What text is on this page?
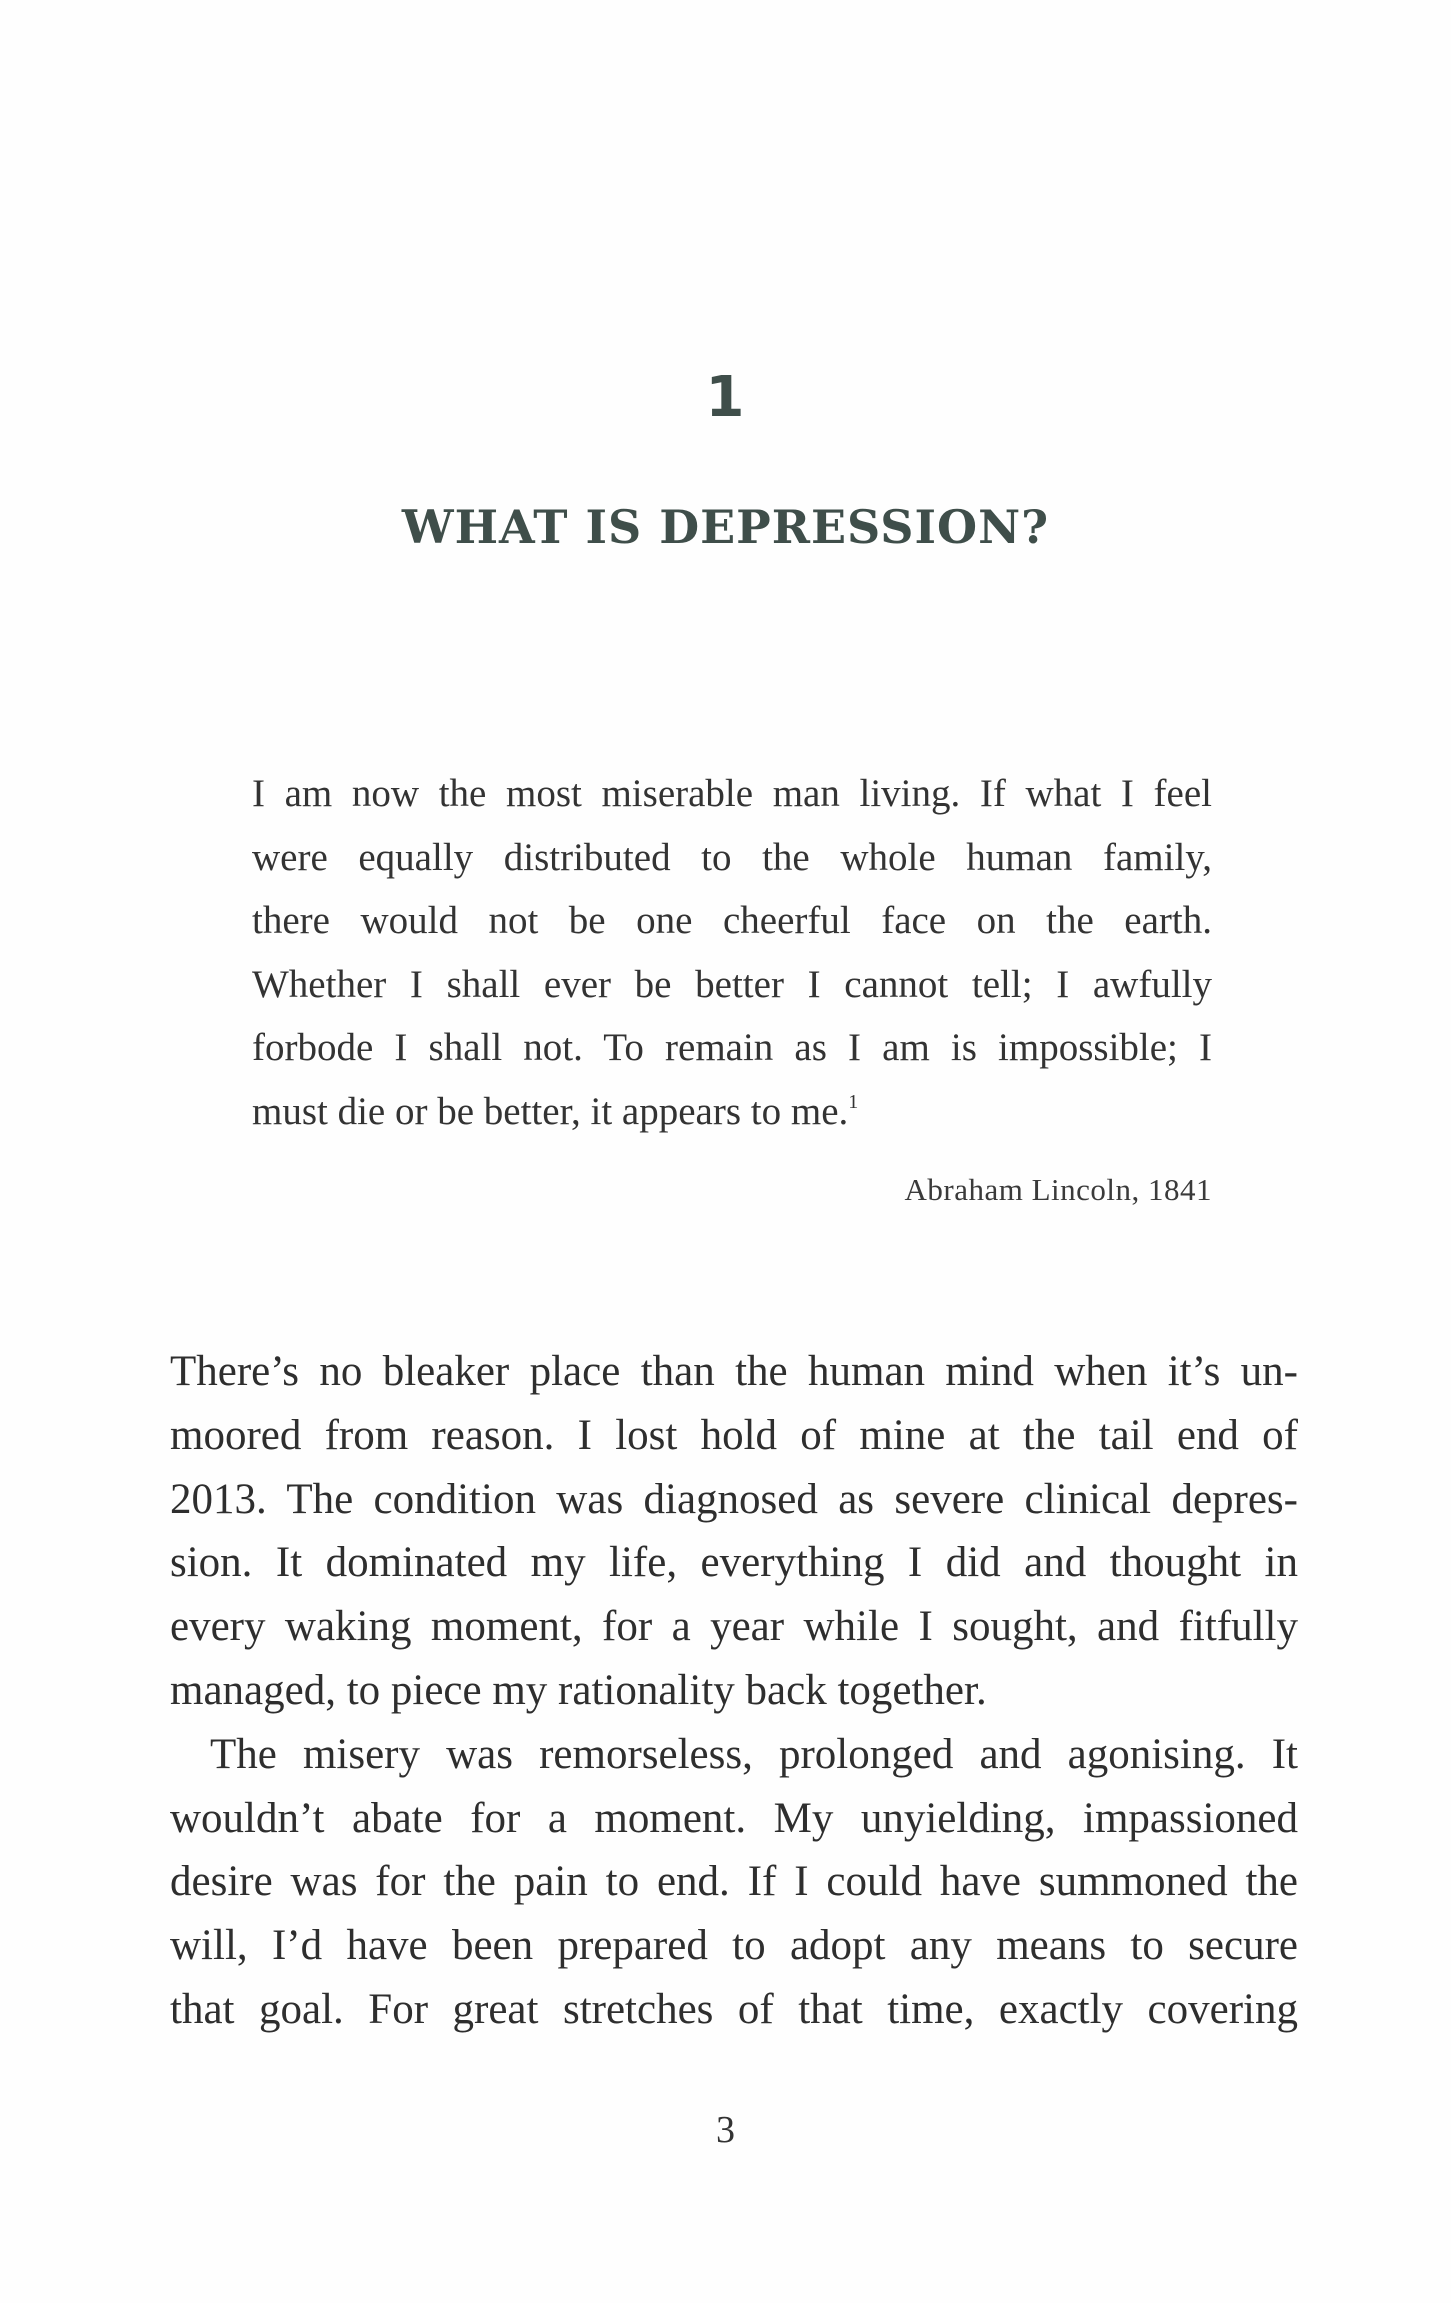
1
WHAT IS DEPRESSION?
I am now the most miserable man living. If what I feel
were equally distributed to the whole human family,
there would not be one cheerful face on the earth.
Whether I shall ever be better I cannot tell; I awfully
forbode I shall not. To remain as I am is impossible; I
must die or be better, it appears to me.$^1$
Abraham Lincoln, 1841
There’s no bleaker place than the human mind when it’s un-
moored from reason. I lost hold of mine at the tail end of
2013. The condition was diagnosed as severe clinical depres-
sion. It dominated my life, everything I did and thought in
every waking moment, for a year while I sought, and fitfully
managed, to piece my rationality back together.
The misery was remorseless, prolonged and agonising. It
wouldn’t abate for a moment. My unyielding, impassioned
desire was for the pain to end. If I could have summoned the
will, I’d have been prepared to adopt any means to secure
that goal. For great stretches of that time, exactly covering
3
